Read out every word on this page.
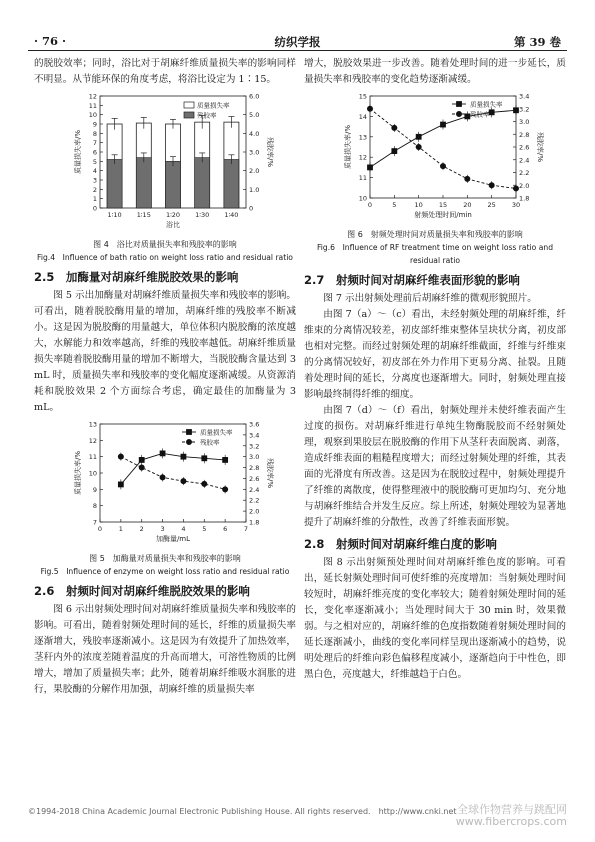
· 76 ·	纺织学报	第 39 卷

的脱胶效率；同时，浴比对于胡麻纤维质量损失率的影响同样不明显。从节能环保的角度考虑，将浴比设定为 1∶15。

0
1
2
3
4
5
6
7
8
9
10
11
12
0
1.0
2.0
3.0
4.0
5.0
6.0
质量损失率/%	残胶率/%
1∶10 1∶15 1∶20 1∶30 1∶40
浴比
质量损失率
残胶率
图 4　浴比对质量损失率和残胶率的影响
Fig.4　Influence of bath ratio on weight loss ratio and residual ratio
2.5　加酶量对胡麻纤维脱胶效果的影响

图 5 示出加酶量对胡麻纤维质量损失率和残胶率的影响。可看出，随着脱胶酶用量的增加，胡麻纤维的残胶率不断减小。这是因为脱胶酶的用量越大，单位体积内脱胶酶的浓度越大，水解能力和效率越高，纤维的残胶率越低。胡麻纤维质量损失率随着脱胶酶用量的增加不断增大，当脱胶酶含量达到 3 mL 时，质量损失率和残胶率的变化幅度逐渐减缓。从资源消耗和脱胶效果 2 个方面综合考虑，确定最佳的加酶量为 3 mL。

7
8
9
10
11
12
13
1.8
2.0
2.2
2.4
2.6
2.8
3.0
3.2
3.4
3.6
质量损失率/%	残胶率/%
0	1	2	3	4	5	6	7
加酶量/mL
质量损失率
残胶率
图 5　加酶量对质量损失率和残胶率的影响
Fig.5　Influence of enzyme on weight loss ratio and residual ratio
2.6　射频时间对胡麻纤维脱胶效果的影响

图 6 示出射频处理时间对胡麻纤维质量损失率和残胶率的影响。可看出，随着射频处理时间的延长，纤维的质量损失率逐渐增大，残胶率逐渐减小。这是因为有效提升了加热效率，茎秆内外的浓度差随着温度的升高而增大，可溶性物质的比例增大，增加了质量损失率；此外，随着胡麻纤维吸水润胀的进行，果胶酶的分解作用加强，胡麻纤维的质量损失率

增大，脱胶效果进一步改善。随着处理时间的进一步延长，质量损失率和残胶率的变化趋势逐渐减缓。

10
11
12
13
14
15
1.8
2.0
2.2
2.4
2.6
2.8
3.0
3.2
3.4
质量损失率/%	残胶率/%
0	5	10 15 20 25 30
射频处理时间/min
质量损失率
残胶率
图 6　射频处理时间对质量损失率和残胶率的影响
Fig.6　Influence of RF treatment time on weight loss ratio and residual ratio
2.7　射频时间对胡麻纤维表面形貌的影响

图 7 示出射频处理前后胡麻纤维的微观形貌照片。

由图 7（a）～（c）看出，未经射频处理的胡麻纤维，纤维束的分离情况较差，初皮部纤维束整体呈块状分离，初皮部也相对完整。而经过射频处理的胡麻纤维截面，纤维与纤维束的分离情况较好，初皮部在外力作用下更易分离、扯裂。且随着处理时间的延长，分离度也逐渐增大。同时，射频处理直接影响最终制得纤维的细度。

由图 7（d）～（f）看出，射频处理并未使纤维表面产生过度的损伤。对胡麻纤维进行单纯生物酶脱胶而不经射频处理，观察到果胶层在脱胶酶的作用下从茎秆表面脱离、剥落，造成纤维表面的粗糙程度增大；而经过射频处理的纤维，其表面的光滑度有所改善。这是因为在脱胶过程中，射频处理提升了纤维的离散度，使得整理液中的脱胶酶可更加均匀、充分地与胡麻纤维结合并发生反应。综上所述，射频处理较为显著地提升了胡麻纤维的分散性，改善了纤维表面形貌。

2.8　射频时间对胡麻纤维白度的影响

图 8 示出射频预处理时间对胡麻纤维色度的影响。可看出，延长射频处理时间可使纤维的亮度增加：当射频处理时间较短时，胡麻纤维亮度的变化率较大；随着射频处理时间的延长，变化率逐渐减小；当处理时间大于 30 min 时，效果微弱。与之相对应的，胡麻纤维的色度指数随着射频处理时间的延长逐渐减小，曲线的变化率同样呈现出逐渐减小的趋势，说明处理后的纤维向彩色偏移程度减小，逐渐趋向于中性色，即黑白色，亮度越大，纤维越趋于白色。

©1994-2018 China Academic Journal Electronic Publishing House. All rights reserved.　http://www.cnki.net 全球作物营养与跳配网
www.fibercrops.com
